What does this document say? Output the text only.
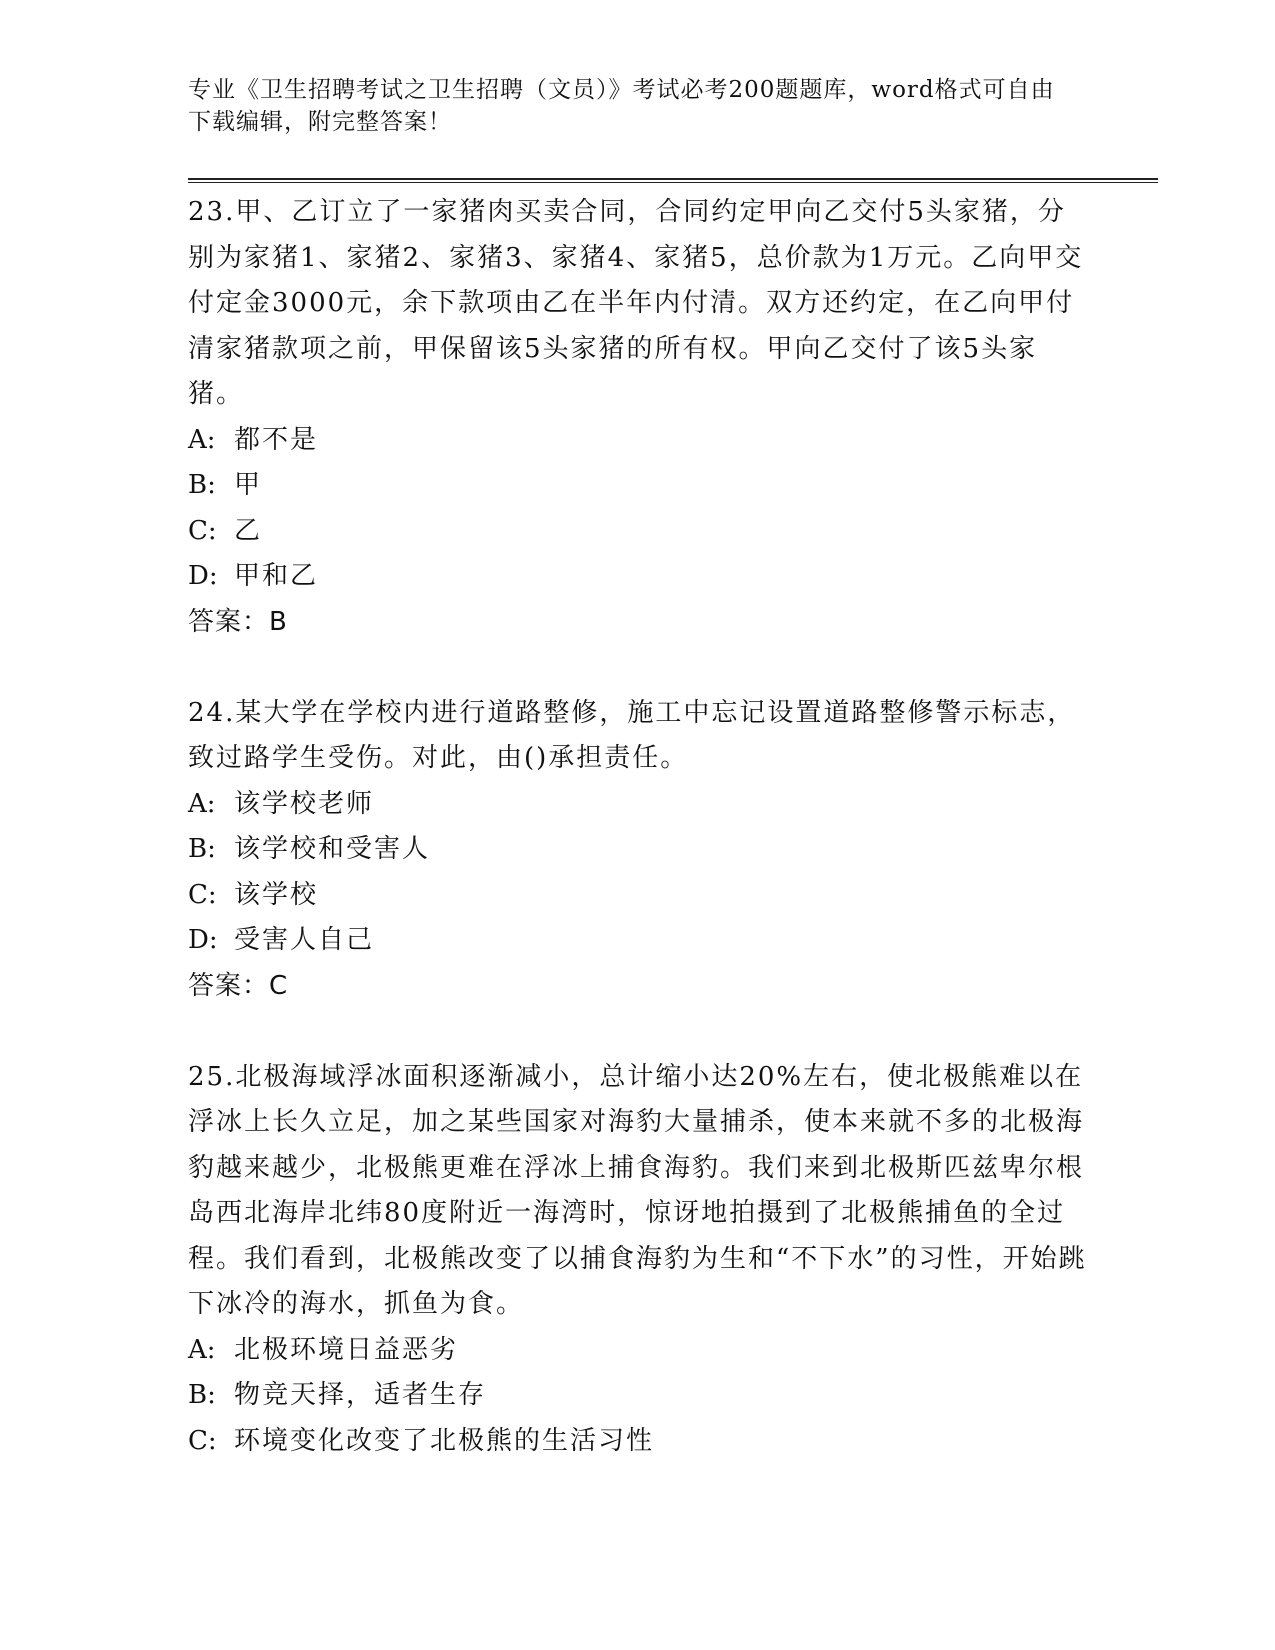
专业《卫生招聘考试之卫生招聘（文员）》考试必考200题题库，word格式可自由下载编辑，附完整答案！

23.甲、乙订立了一家猪肉买卖合同，合同约定甲向乙交付5头家猪，分别为家猪1、家猪2、家猪3、家猪4、家猪5，总价款为1万元。乙向甲交付定金3000元，余下款项由乙在半年内付清。双方还约定，在乙向甲付清家猪款项之前，甲保留该5头家猪的所有权。甲向乙交付了该5头家猪。

A: 都不是

B: 甲

C: 乙

D: 甲和乙

答案：B

24.某大学在学校内进行道路整修，施工中忘记设置道路整修警示标志，致过路学生受伤。对此，由()承担责任。

A: 该学校老师

B: 该学校和受害人

C: 该学校

D: 受害人自己

答案：C

25.北极海域浮冰面积逐渐减小，总计缩小达20%左右，使北极熊难以在浮冰上长久立足，加之某些国家对海豹大量捕杀，使本来就不多的北极海豹越来越少，北极熊更难在浮冰上捕食海豹。我们来到北极斯匹兹卑尔根岛西北海岸北纬80度附近一海湾时，惊讶地拍摄到了北极熊捕鱼的全过程。我们看到，北极熊改变了以捕食海豹为生和“不下水”的习性，开始跳下冰冷的海水，抓鱼为食。

A: 北极环境日益恶劣

B: 物竞天择，适者生存

C: 环境变化改变了北极熊的生活习性
